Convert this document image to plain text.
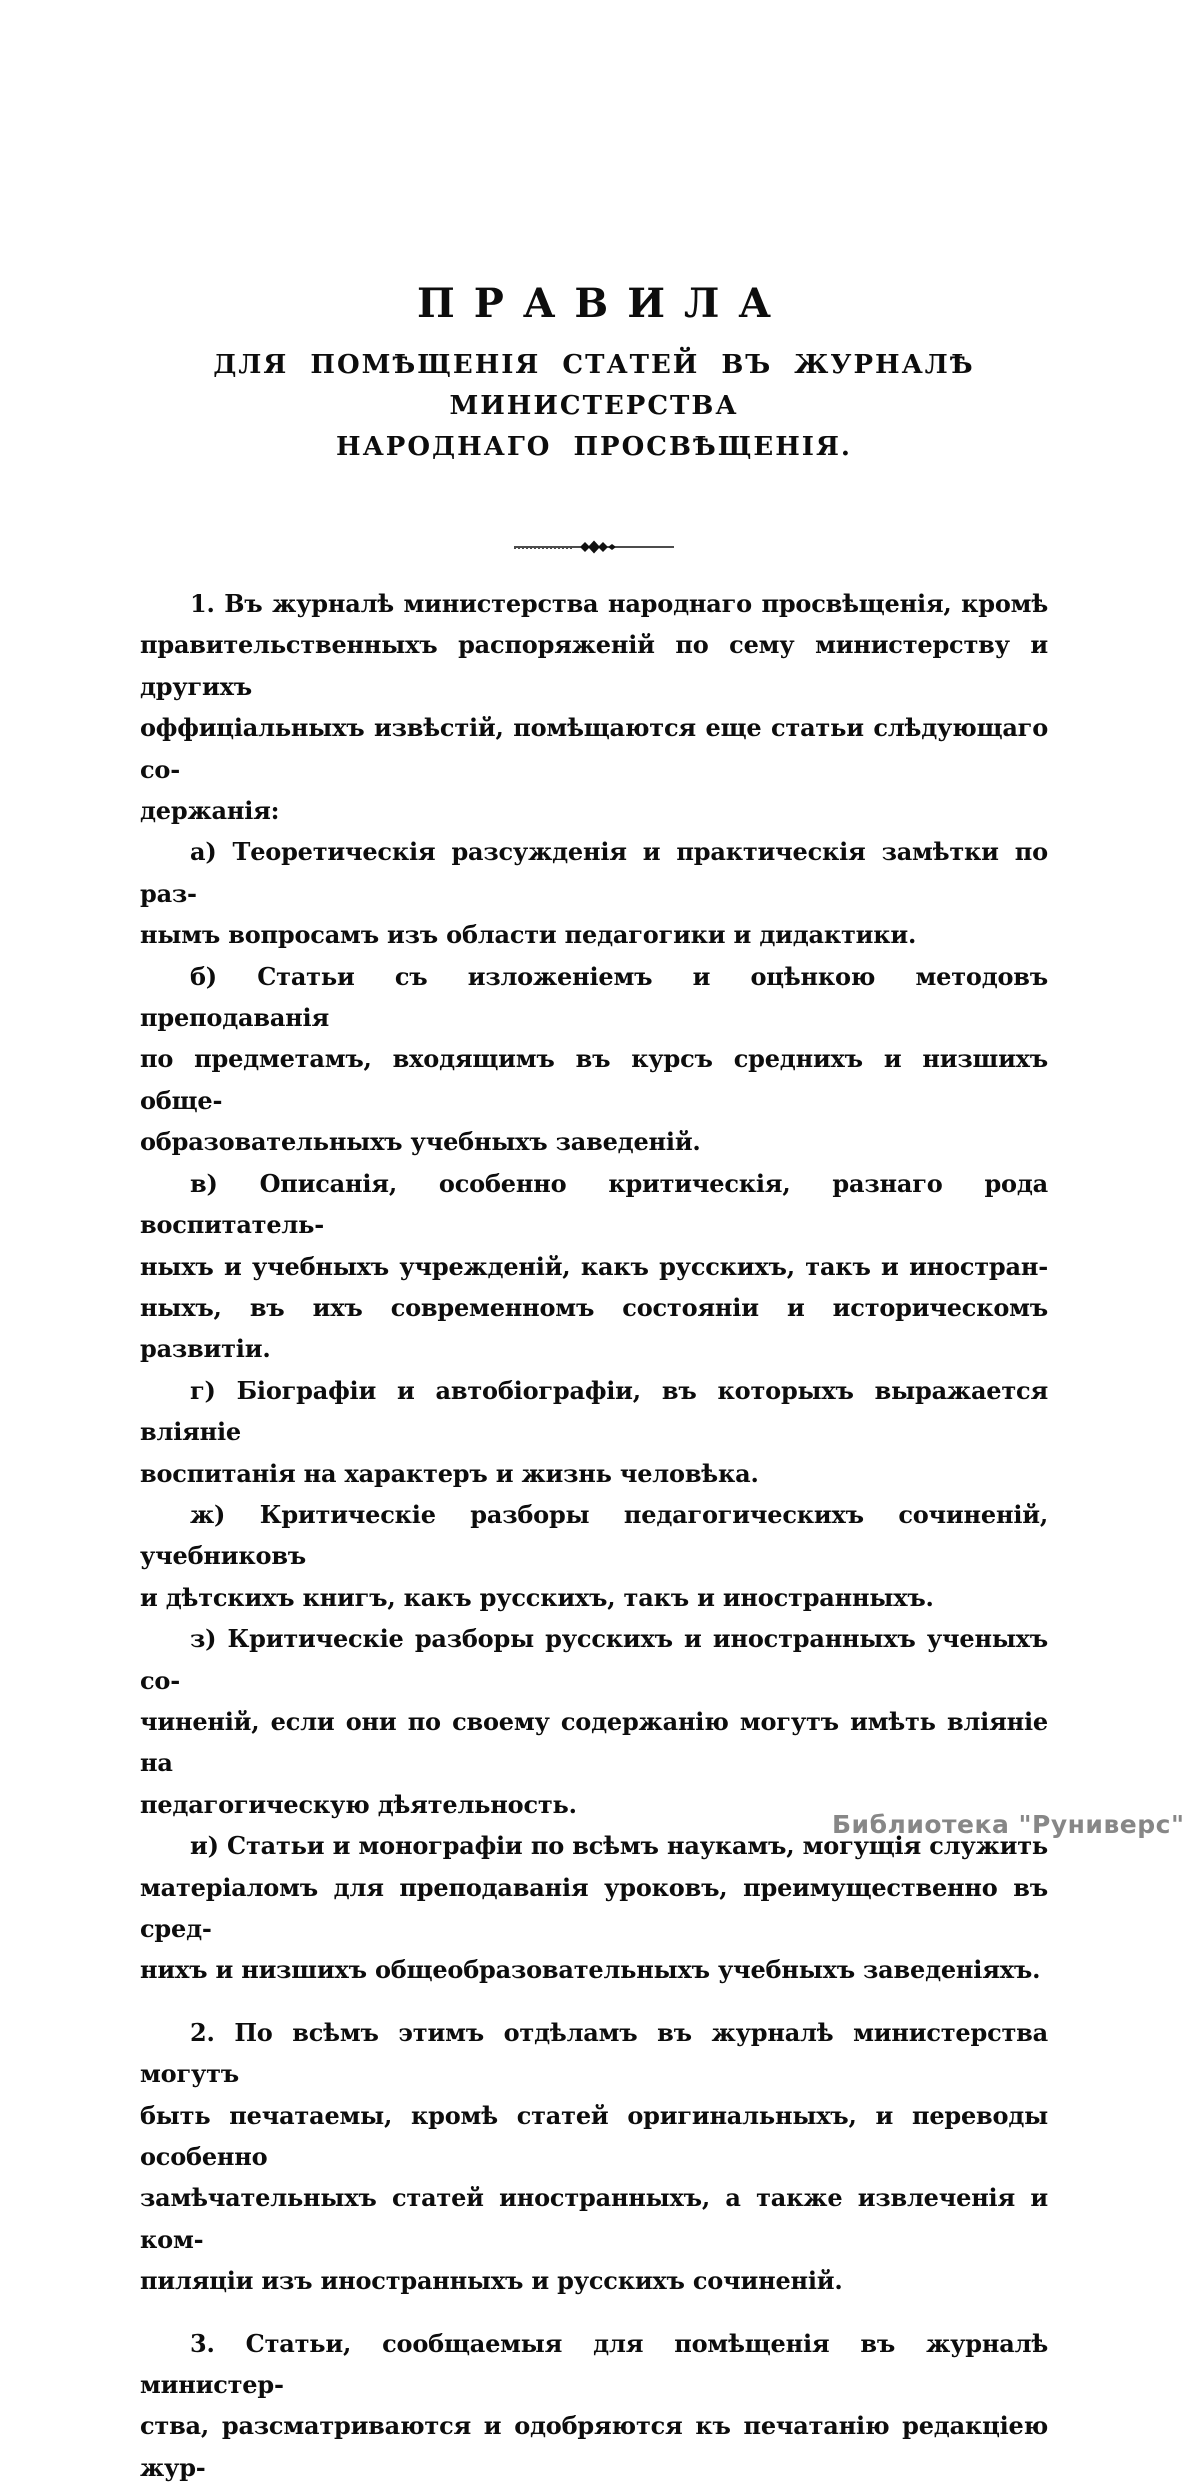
ПРАВИЛА
ДЛЯ ПОМѢЩЕНІЯ СТАТЕЙ ВЪ ЖУРНАЛѢ МИНИСТЕРСТВА
НАРОДНАГО ПРОСВѢЩЕНІЯ.

1. Въ журналѣ министерства народнаго просвѣщенія, кромѣ

правительственныхъ распоряженій по сему министерству и другихъ

оффиціальныхъ извѣстій, помѣщаются еще статьи слѣдующаго со-

держанія:

а) Теоретическія разсужденія и практическія замѣтки по раз-

нымъ вопросамъ изъ области педагогики и дидактики.

б) Статьи съ изложеніемъ и оцѣнкою методовъ преподаванія

по предметамъ, входящимъ въ курсъ среднихъ и низшихъ обще-

образовательныхъ учебныхъ заведеній.

в) Описанія, особенно критическія, разнаго рода воспитатель-

ныхъ и учебныхъ учрежденій, какъ русскихъ, такъ и иностран-

ныхъ, въ ихъ современномъ состояніи и историческомъ развитіи.

г) Біографіи и автобіографіи, въ которыхъ выражается вліяніе

воспитанія на характеръ и жизнь человѣка.

ж) Критическіе разборы педагогическихъ сочиненій, учебниковъ

и дѣтскихъ книгъ, какъ русскихъ, такъ и иностранныхъ.

з) Критическіе разборы русскихъ и иностранныхъ ученыхъ со-

чиненій, если они по своему содержанію могутъ имѣть вліяніе на

педагогическую дѣятельность.

и) Статьи и монографіи по всѣмъ наукамъ, могущія служить

матеріаломъ для преподаванія уроковъ, преимущественно въ сред-

нихъ и низшихъ общеобразовательныхъ учебныхъ заведеніяхъ.

2. По всѣмъ этимъ отдѣламъ въ журналѣ министерства могутъ

быть печатаемы, кромѣ статей оригинальныхъ, и переводы особенно

замѣчательныхъ статей иностранныхъ, а также извлеченія и ком-

пиляціи изъ иностранныхъ и русскихъ сочиненій.

3. Статьи, сообщаемыя для помѣщенія въ журналѣ министер-

ства, разсматриваются и одобряются къ печатанію редакціею жур-

Библиотека "Руниверс"
